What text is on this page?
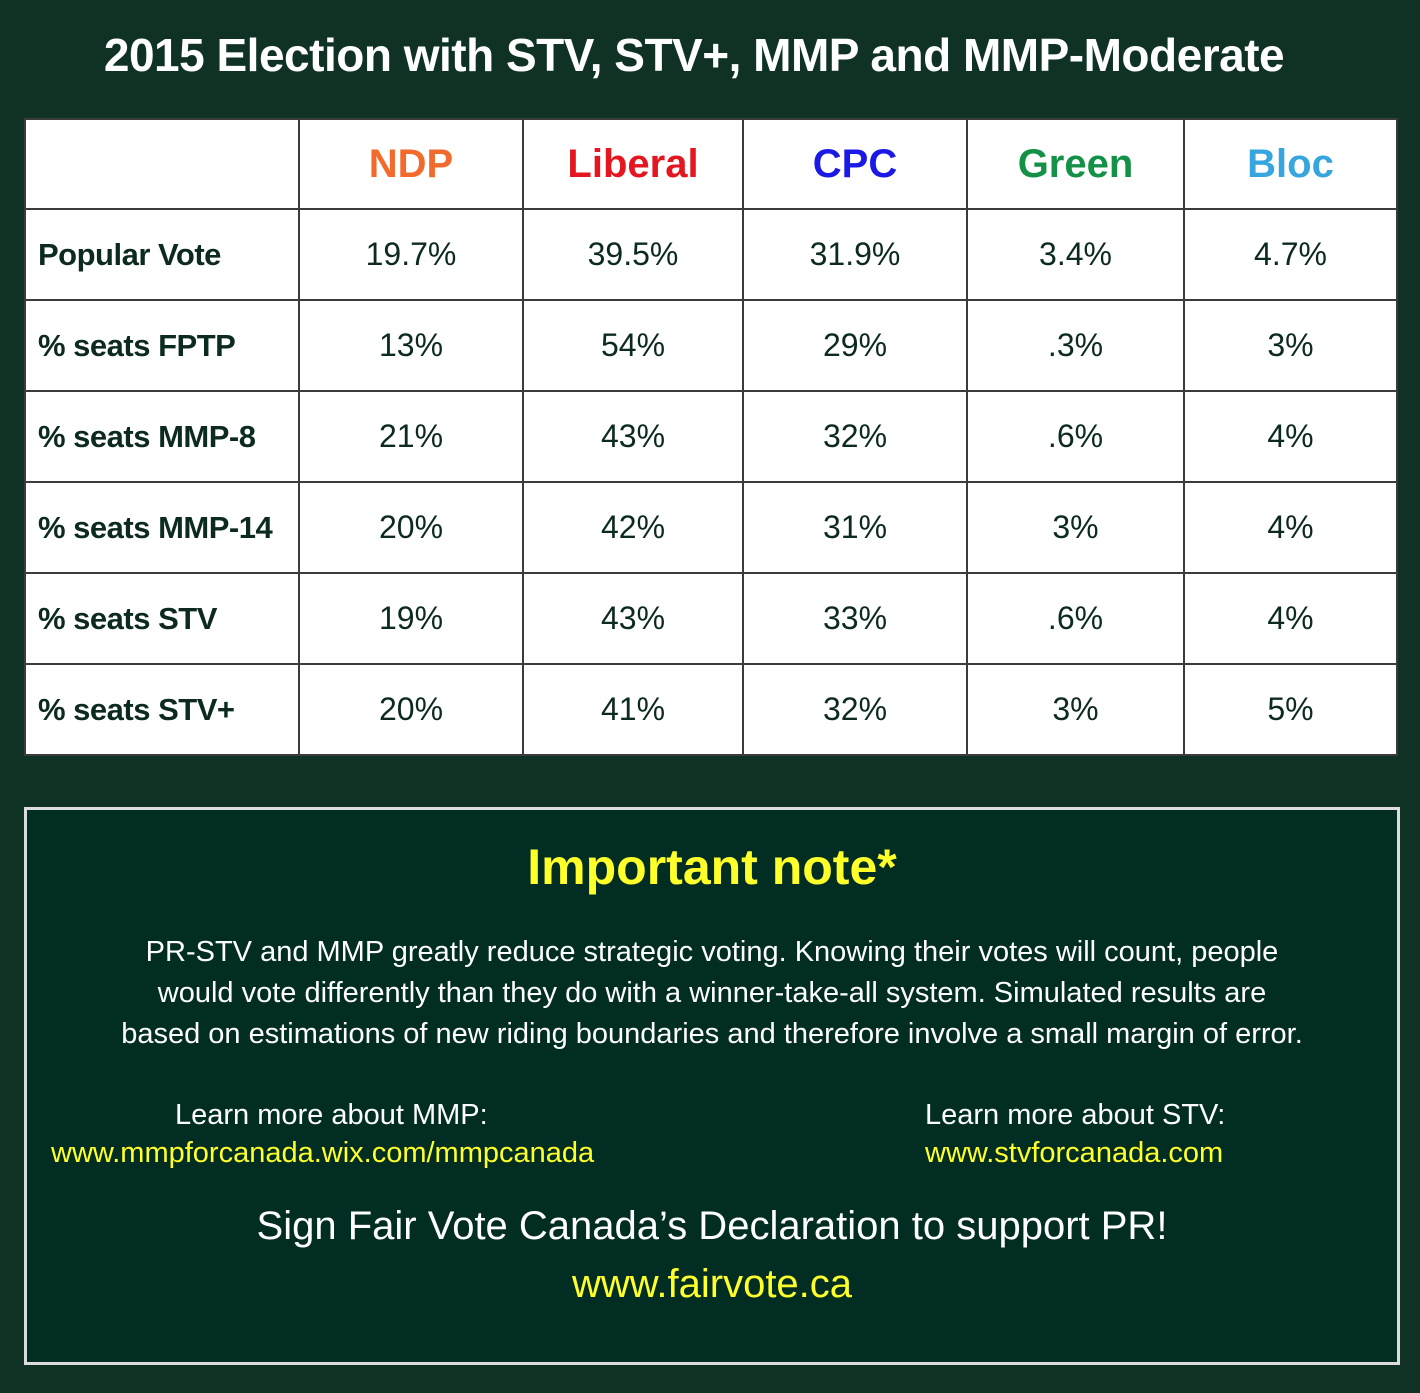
2015 Election with STV, STV+, MMP and MMP-Moderate
	NDP	Liberal	CPC	Green	Bloc
Popular Vote	19.7%	39.5%	31.9%	3.4%	4.7%
% seats FPTP	13%	54%	29%	.3%	3%
% seats MMP-8	21%	43%	32%	.6%	4%
% seats MMP-14	20%	42%	31%	3%	4%
% seats STV	19%	43%	33%	.6%	4%
% seats STV+	20%	41%	32%	3%	5%
Important note*
PR-STV and MMP greatly reduce strategic voting. Knowing their votes will count, people
would vote differently than they do with a winner-take-all system. Simulated results are
based on estimations of new riding boundaries and therefore involve a small margin of error.
Learn more about MMP:
www.mmpforcanada.wix.com/mmpcanada
Learn more about STV:
www.stvforcanada.com
Sign Fair Vote Canada’s Declaration to support PR!
www.fairvote.ca
